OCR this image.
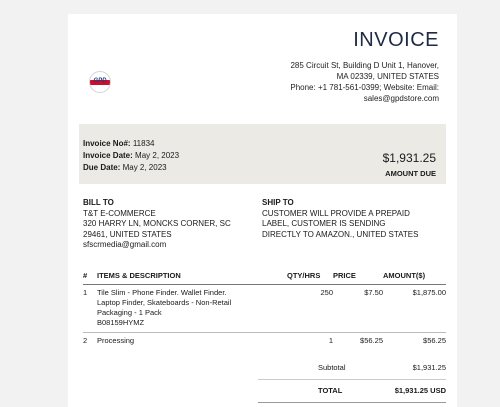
INVOICE
285 Circuit St, Building D Unit 1, Hanover,
MA 02339, UNITED STATES
Phone: +1 781-561-0399; Website: Email:
sales@gpdstore.com
GPD
Invoice No#: 11834
Invoice Date: May 2, 2023
Due Date: May 2, 2023
$1,931.25
AMOUNT DUE
BILL TO
T&T E-COMMERCE
320 HARRY LN, MONCKS CORNER, SC
29461, UNITED STATES
sfscrmedia@gmail.com
SHIP TO
CUSTOMER WILL PROVIDE A PREPAID
LABEL, CUSTOMER IS SENDING
DIRECTLY TO AMAZON., UNITED STATES
#	ITEMS & DESCRIPTION	QTY/HRS	PRICE	AMOUNT($)
1	Tile Slim - Phone Finder. Wallet Finder.
Laptop Finder, Skateboards - Non-Retail
Packaging - 1 Pack
B08159HYMZ	250	$7.50	$1,875.00
2	Processing	1	$56.25	$56.25
Subtotal	$1,931.25
TOTAL	$1,931.25 USD
